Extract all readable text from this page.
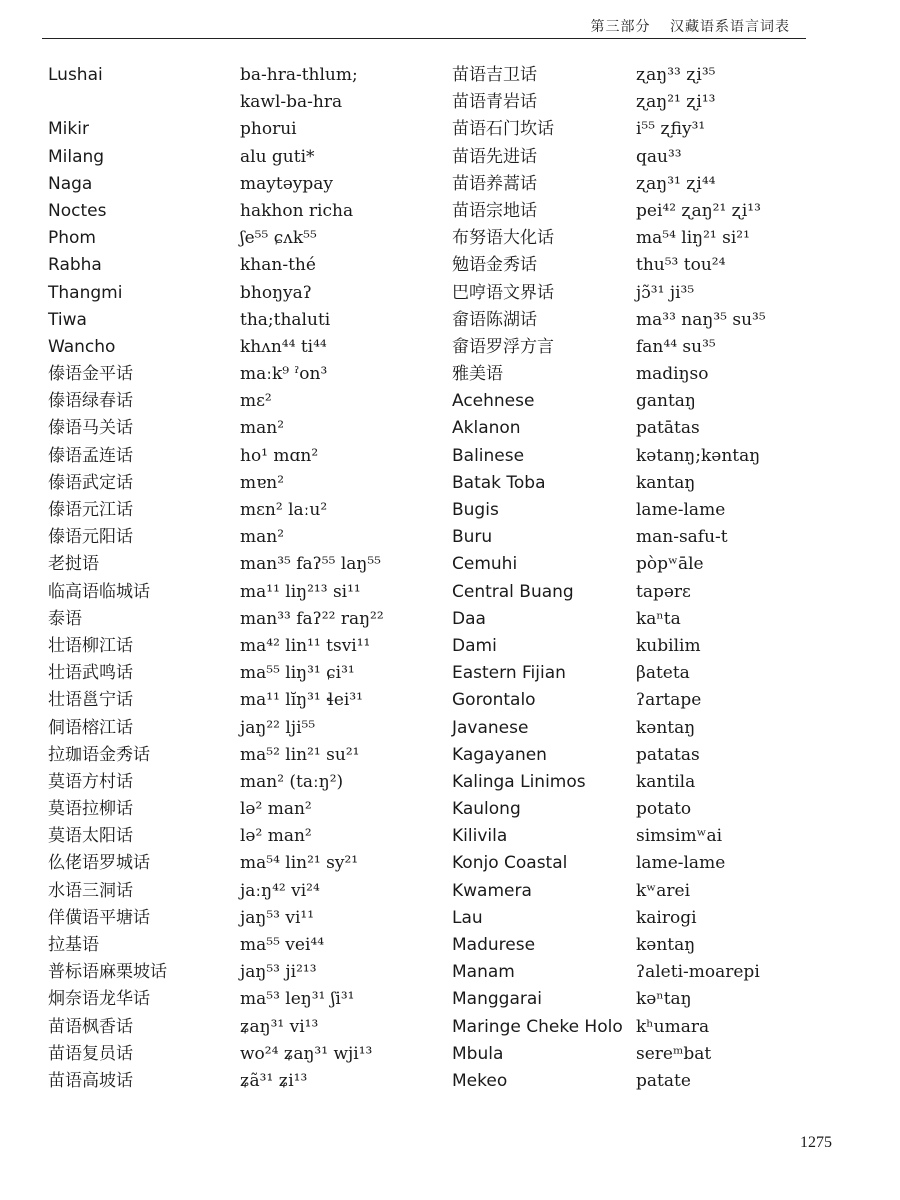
第三部分 汉藏语系语言词表
Lushai
Mikir
Milang
Naga
Noctes
Phom
Rabha
Thangmi
Tiwa
Wancho
傣语金平话
傣语绿春话
傣语马关话
傣语孟连话
傣语武定话
傣语元江话
傣语元阳话
老挝语
临高语临城话
泰语
壮语柳江话
壮语武鸣话
壮语邕宁话
侗语榕江话
拉珈语金秀话
莫语方村话
莫语拉柳话
莫语太阳话
仫佬语罗城话
水语三洞话
佯僙语平塘话
拉基语
普标语麻栗坡话
炯奈语龙华话
苗语枫香话
苗语复员话
苗语高坡话
ba-hra-thlum;
kawl-ba-hra
phorui
alu guti*
maytəypay
hakhon richa
ʃe⁵⁵ ɕʌk⁵⁵
khan-thé
bhoŋyaʔ
tha;thaluti
khʌn⁴⁴ ti⁴⁴
maːk⁹ ˀon³
mɛ²
man²
ho¹ mɑn²
mɐn²
mɛn² laːu²
man²
man³⁵ faʔ⁵⁵ laŋ⁵⁵
ma¹¹ liŋ²¹³ si¹¹
man³³ faʔ²² raŋ²²
ma⁴² lin¹¹ tsvi¹¹
ma⁵⁵ liŋ³¹ ɕi³¹
ma¹¹ lĭŋ³¹ ɬei³¹
jaŋ²² lji⁵⁵
ma⁵² lin²¹ su²¹
man² (taːŋ²)
lə² man²
lə² man²
ma⁵⁴ lin²¹ sy²¹
jaːŋ⁴² vi²⁴
jaŋ⁵³ vi¹¹
ma⁵⁵ vei⁴⁴
jaŋ⁵³ ji²¹³
ma⁵³ leŋ³¹ ʃi³¹
ʑaŋ³¹ vi¹³
wo²⁴ ʑaŋ³¹ wji¹³
ʑã³¹ ʑi¹³
苗语吉卫话
苗语青岩话
苗语石门坎话
苗语先进话
苗语养蒿话
苗语宗地话
布努语大化话
勉语金秀话
巴哼语文界话
畲语陈湖话
畲语罗浮方言
雅美语
Acehnese
Aklanon
Balinese
Batak Toba
Bugis
Buru
Cemuhi
Central Buang
Daa
Dami
Eastern Fijian
Gorontalo
Javanese
Kagayanen
Kalinga Linimos
Kaulong
Kilivila
Konjo Coastal
Kwamera
Lau
Madurese
Manam
Manggarai
Maringe Cheke Holo
Mbula
Mekeo
ʐaŋ³³ ʐi³⁵
ʐaŋ²¹ ʐi¹³
i⁵⁵ ʐfiy³¹
qau³³
ʐaŋ³¹ ʐi⁴⁴
pei⁴² ʐaŋ²¹ ʐi¹³
ma⁵⁴ liŋ²¹ si²¹
thu⁵³ tou²⁴
jɔ̃³¹ ji³⁵
ma³³ naŋ³⁵ su³⁵
fan⁴⁴ su³⁵
madiŋso
gantaŋ
patātas
kətanŋ;kəntaŋ
kantaŋ
lame-lame
man-safu-t
pòpʷāle
tapərɛ
kaⁿta
kubilim
βateta
ʔartape
kəntaŋ
patatas
kantila
potato
simsimʷai
lame-lame
kʷarei
kairogi
kəntaŋ
ʔaleti-moarepi
kəⁿtaŋ
kʰumara
sereᵐbat
patate
1275
